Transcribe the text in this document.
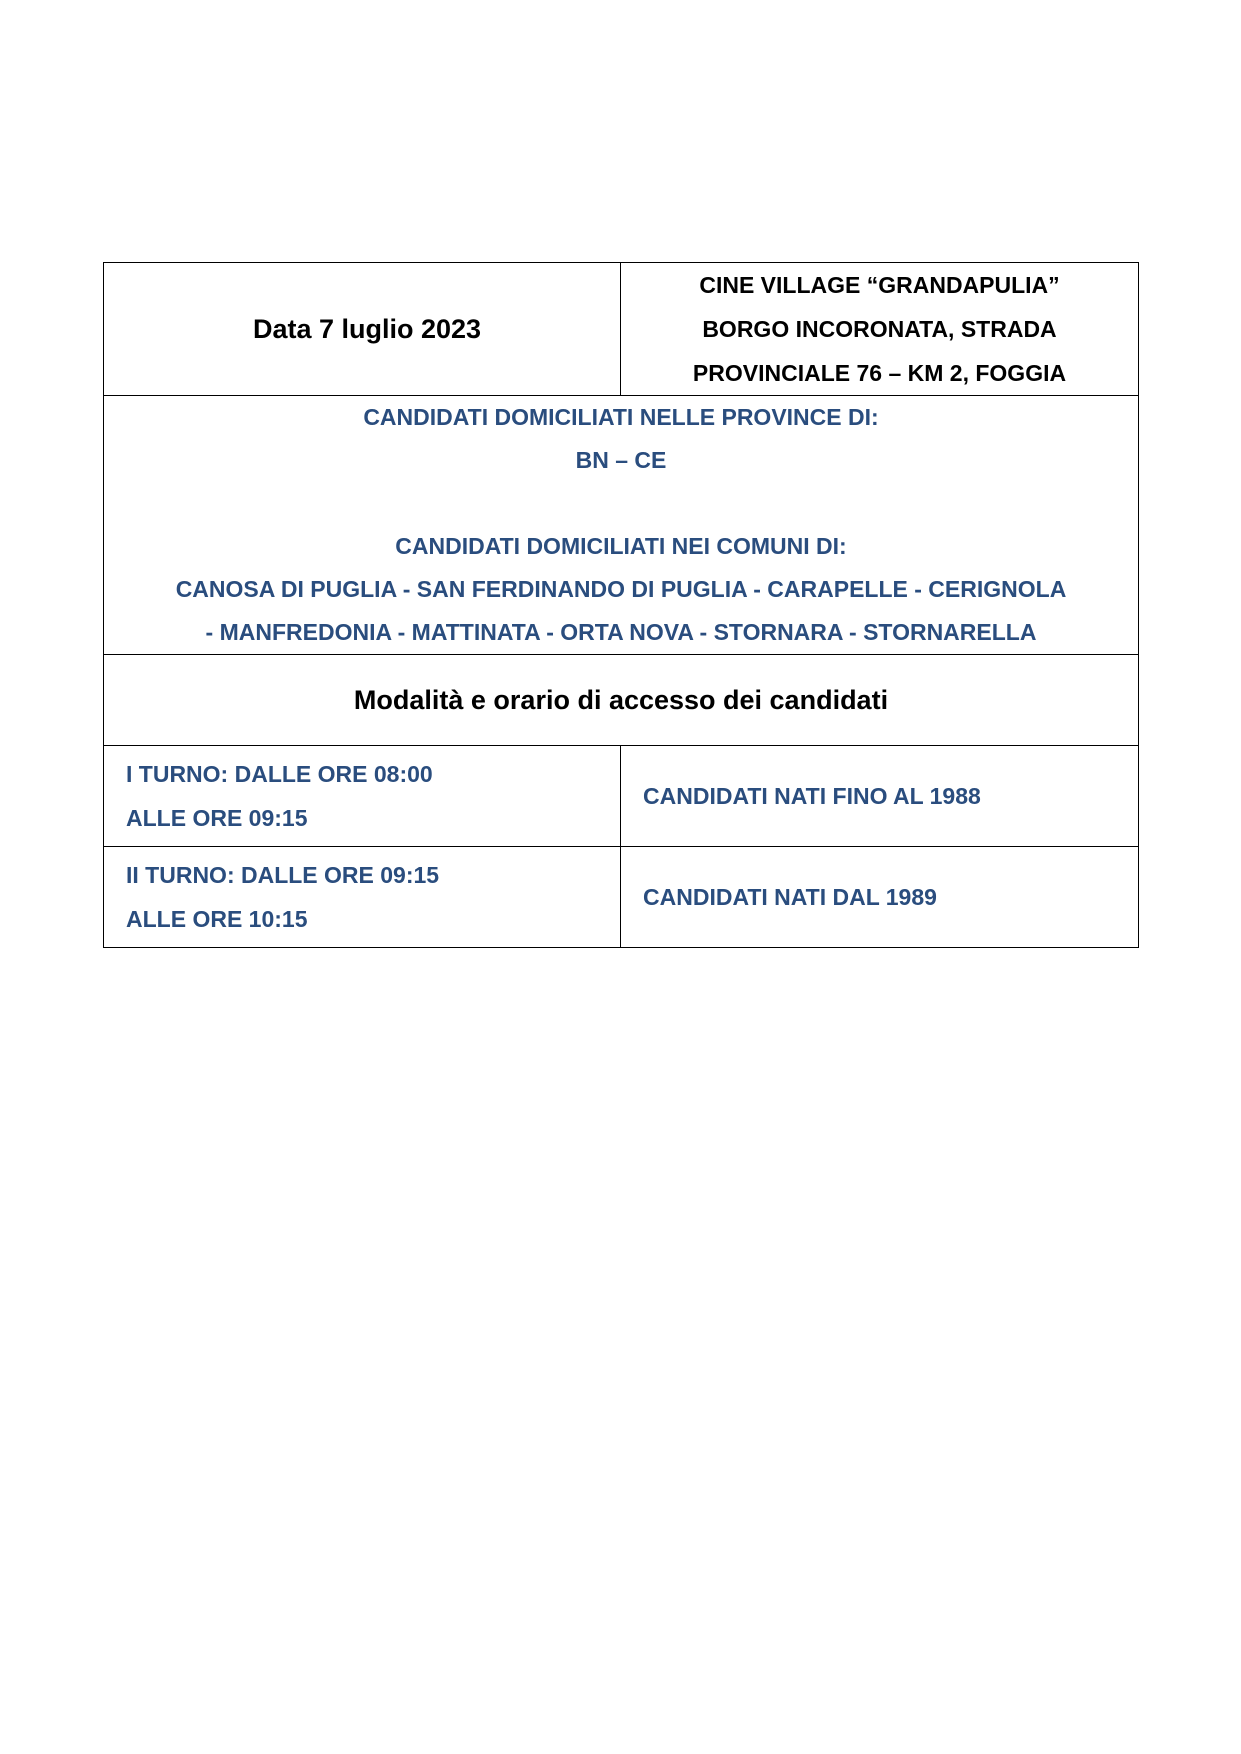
Data 7 luglio 2023	CINE VILLAGE “GRANDAPULIA”
BORGO INCORONATA, STRADA
PROVINCIALE 76 – KM 2, FOGGIA

CANDIDATI DOMICILIATI NELLE PROVINCE DI:
BN – CE
CANDIDATI DOMICILIATI NEI COMUNI DI:
CANOSA DI PUGLIA - SAN FERDINANDO DI PUGLIA - CARAPELLE - CERIGNOLA
- MANFREDONIA - MATTINATA - ORTA NOVA - STORNARA - STORNARELLA	

Modalità e orario di accesso dei candidati	

I TURNO: DALLE ORE 08:00
ALLE ORE 09:15	CANDIDATI NATI FINO AL 1988

II TURNO: DALLE ORE 09:15
ALLE ORE 10:15	CANDIDATI NATI DAL 1989
